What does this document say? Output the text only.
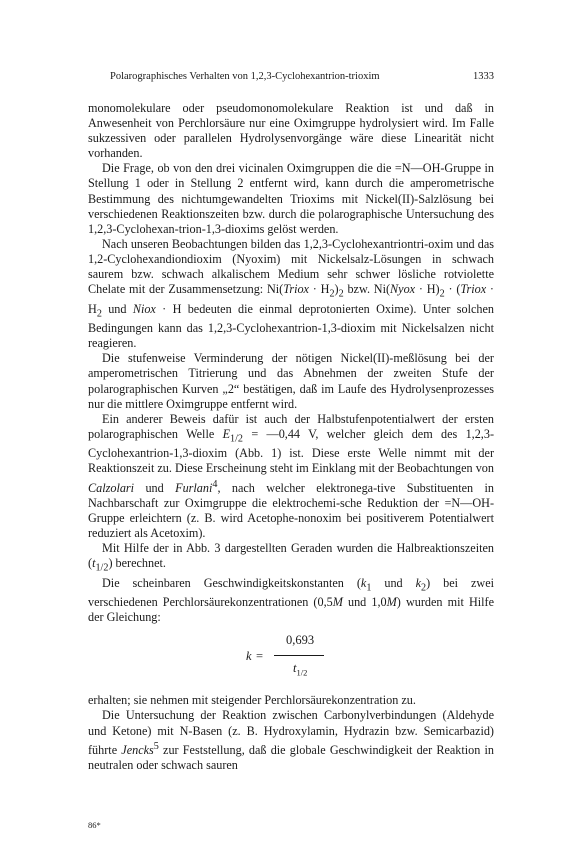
Polarographisches Verhalten von 1,2,3-Cyclohexantrion-trioxim	1333

monomolekulare oder pseudomonomolekulare Reaktion ist und daß in Anwesenheit von Perchlorsäure nur eine Oximgruppe hydrolysiert wird. Im Falle sukzessiven oder parallelen Hydrolysenvorgänge wäre diese Linearität nicht vorhanden.

Die Frage, ob von den drei vicinalen Oximgruppen die die =N—OH-Gruppe in Stellung 1 oder in Stellung 2 entfernt wird, kann durch die amperometrische Bestimmung des nichtumgewandelten Trioxims mit Nickel(II)-Salzlösung bei verschiedenen Reaktionszeiten bzw. durch die polarographische Untersuchung des 1,2,3-Cyclohexan-trion-1,3-dioxims gelöst werden.

Nach unseren Beobachtungen bilden das 1,2,3-Cyclohexantriontri-oxim und das 1,2-Cyclohexandiondioxim (Nyoxim) mit Nickelsalz-Lösungen in schwach saurem bzw. schwach alkalischem Medium sehr schwer lösliche rotviolette Chelate mit der Zusammensetzung: Ni(Triox · $H_2)_2$ bzw. Ni(Nyox · $H)_2$ · (Triox · $H_2$ und Niox · H bedeuten die einmal deprotonierten Oxime). Unter solchen Bedingungen kann das 1,2,3-Cyclohexantrion-1,3-dioxim mit Nickelsalzen nicht reagieren.

Die stufenweise Verminderung der nötigen Nickel(II)-meßlösung bei der amperometrischen Titrierung und das Abnehmen der zweiten Stufe der polarographischen Kurven „2“ bestätigen, daß im Laufe des Hydrolysenprozesses nur die mittlere Oximgruppe entfernt wird.

Ein anderer Beweis dafür ist auch der Halbstufenpotentialwert der ersten polarographischen Welle $E_{1/2}$ = —0,44 V, welcher gleich dem des 1,2,3-Cyclohexantrion-1,3-dioxim (Abb. 1) ist. Diese erste Welle nimmt mit der Reaktionszeit zu. Diese Erscheinung steht im Einklang mit der Beobachtungen von Calzolari und Furlani$^4$, nach welcher elektronega-tive Substituenten in Nachbarschaft zur Oximgruppe die elektrochemi-sche Reduktion der =N—OH-Gruppe erleichtern (z. B. wird Acetophe-nonoxim bei positiverem Potentialwert reduziert als Acetoxim).

Mit Hilfe der in Abb. 3 dargestellten Geraden wurden die Halbreaktionszeiten $(t_{1/2})$ berechnet.

Die scheinbaren Geschwindigkeitskonstanten ($k_1$ und $k_2$) bei zwei verschiedenen Perchlorsäurekonzentrationen (0,5M und 1,0M) wurden mit Hilfe der Gleichung:

k =
0,693
$t_{1/2}$

erhalten; sie nehmen mit steigender Perchlorsäurekonzentration zu.

Die Untersuchung der Reaktion zwischen Carbonylverbindungen (Aldehyde und Ketone) mit N-Basen (z. B. Hydroxylamin, Hydrazin bzw. Semicarbazid) führte Jencks$^5$ zur Feststellung, daß die globale Geschwindigkeit der Reaktion in neutralen oder schwach sauren

86*
